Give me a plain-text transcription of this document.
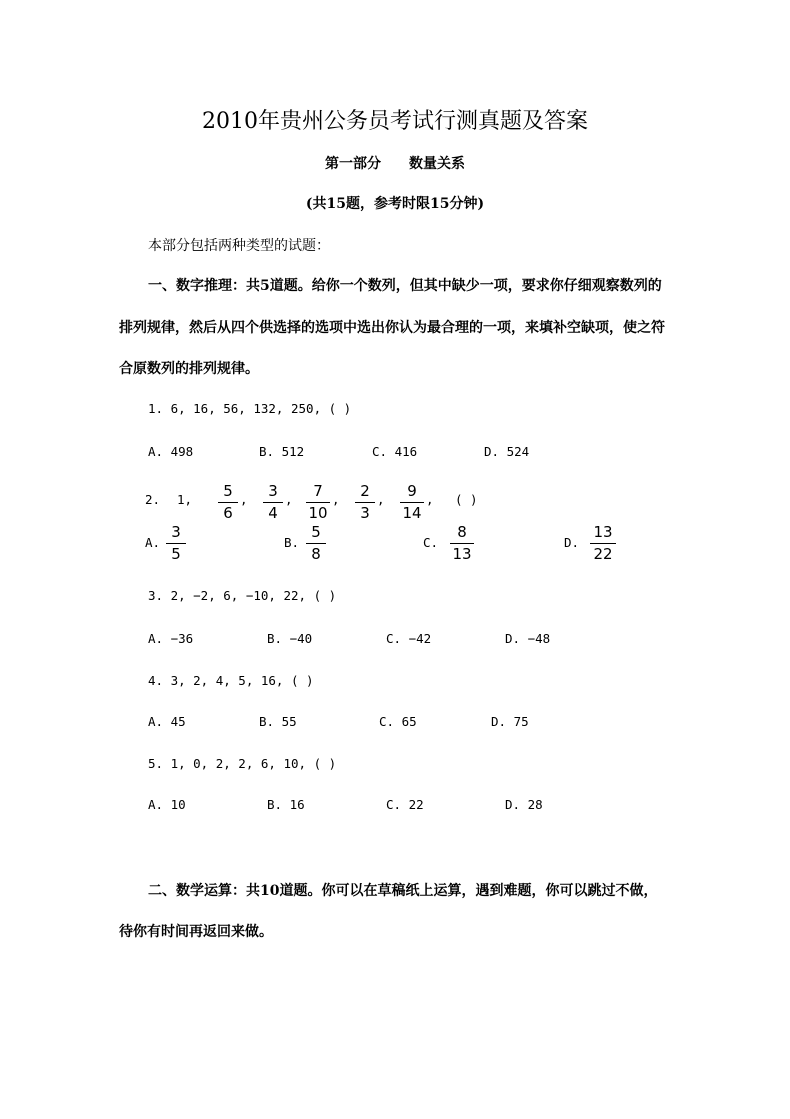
2010年贵州公务员考试行测真题及答案
第一部分 数量关系
(共15题，参考时限15分钟)
本部分包括两种类型的试题：
一、数字推理：共5道题。给你一个数列，但其中缺少一项，要求你仔细观察数列的
排列规律，然后从四个供选择的选项中选出你认为最合理的一项，来填补空缺项，使之符
合原数列的排列规律。
1. 6, 16, 56, 132, 250, ( )
A. 498	B. 512	C. 416	D. 524
2. 1,	5
6
,	3
4
,	7
10
,	2
3
,	9
14
, ( )
A.
3
5
B.
5
8
C.
8
13
D.
13
22
3. 2, −2, 6, −10, 22, ( )
A. −36	B. −40	C. −42	D. −48
4. 3, 2, 4, 5, 16, ( )
A. 45	B. 55	C. 65	D. 75
5. 1, 0, 2, 2, 6, 10, ( )
A. 10	B. 16	C. 22	D. 28
二、数学运算：共10道题。你可以在草稿纸上运算，遇到难题，你可以跳过不做，
待你有时间再返回来做。
